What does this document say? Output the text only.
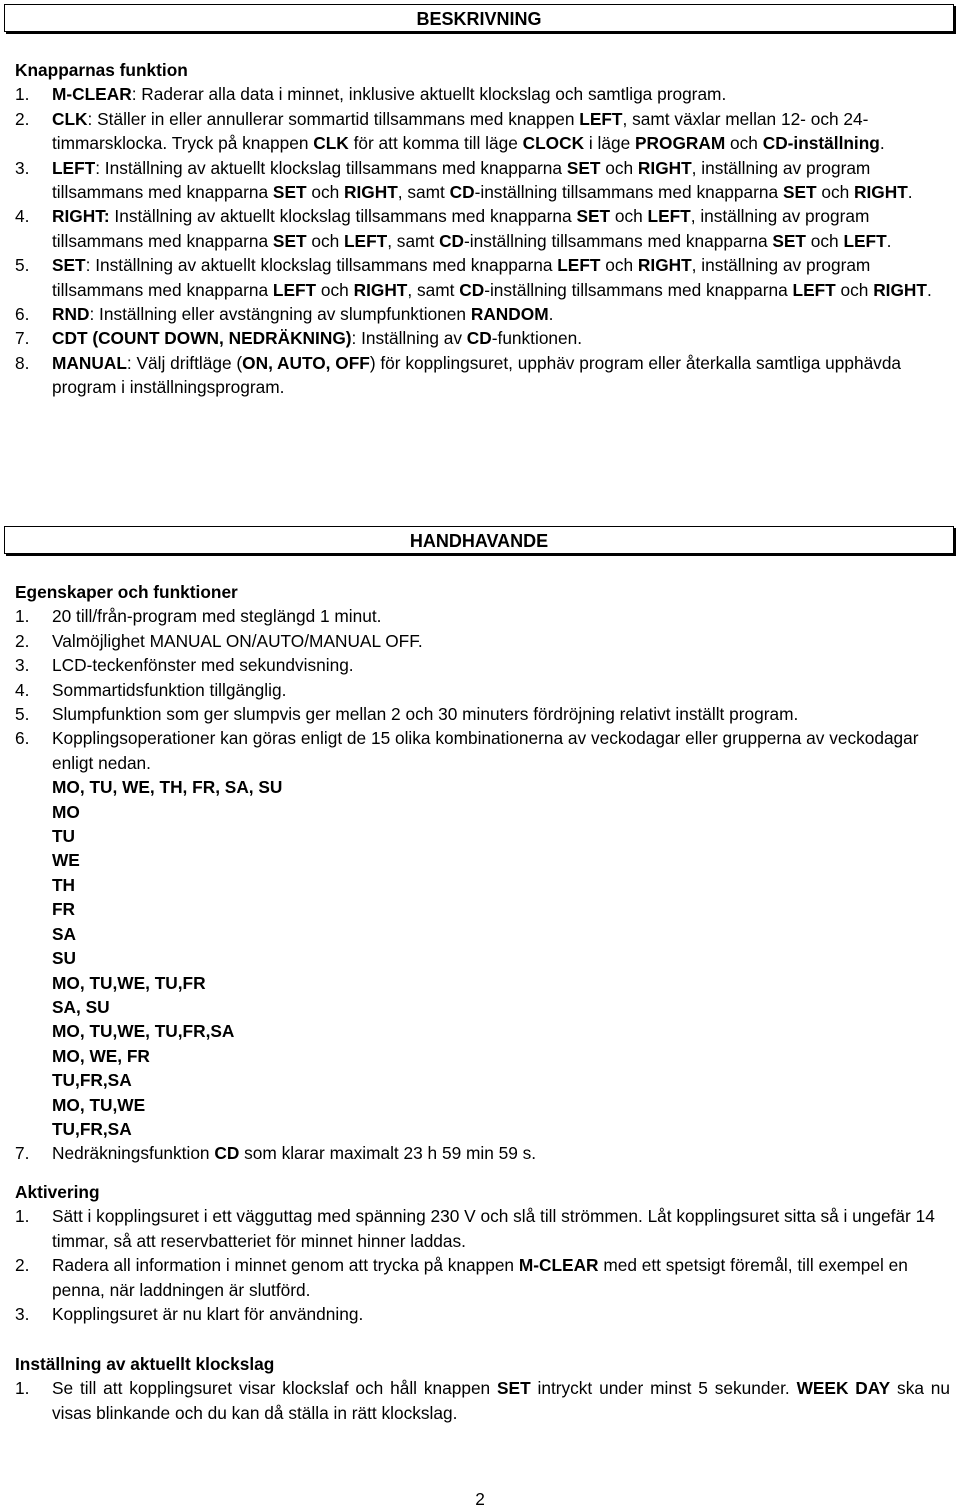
BESKRIVNING
Knapparnas funktion
1. M-CLEAR: Raderar alla data i minnet, inklusive aktuellt klockslag och samtliga program.
2. CLK: Ställer in eller annullerar sommartid tillsammans med knappen LEFT, samt växlar mellan 12- och 24-timmarsklocka. Tryck på knappen CLK för att komma till läge CLOCK i läge PROGRAM och CD-inställning.
3. LEFT: Inställning av aktuellt klockslag tillsammans med knapparna SET och RIGHT, inställning av program tillsammans med knapparna SET och RIGHT, samt CD-inställning tillsammans med knapparna SET och RIGHT.
4. RIGHT: Inställning av aktuellt klockslag tillsammans med knapparna SET och LEFT, inställning av program tillsammans med knapparna SET och LEFT, samt CD-inställning tillsammans med knapparna SET och LEFT.
5. SET: Inställning av aktuellt klockslag tillsammans med knapparna LEFT och RIGHT, inställning av program tillsammans med knapparna LEFT och RIGHT, samt CD-inställning tillsammans med knapparna LEFT och RIGHT.
6. RND: Inställning eller avstängning av slumpfunktionen RANDOM.
7. CDT (COUNT DOWN, NEDRÄKNING): Inställning av CD-funktionen.
8. MANUAL: Välj driftläge (ON, AUTO, OFF) för kopplingsuret, upphäv program eller återkalla samtliga upphävda program i inställningsprogram.
HANDHAVANDE
Egenskaper och funktioner
1. 20 till/från-program med steglängd 1 minut.
2. Valmöjlighet MANUAL ON/AUTO/MANUAL OFF.
3. LCD-teckenfönster med sekundvisning.
4. Sommartidsfunktion tillgänglig.
5. Slumpfunktion som ger slumpvis ger mellan 2 och 30 minuters fördröjning relativt inställt program.
6. Kopplingsoperationer kan göras enligt de 15 olika kombinationerna av veckodagar eller grupperna av veckodagar enligt nedan.
MO, TU, WE, TH, FR, SA, SU
MO
TU
WE
TH
FR
SA
SU
MO, TU,WE, TU,FR
SA, SU
MO, TU,WE, TU,FR,SA
MO, WE, FR
TU,FR,SA
MO, TU,WE
TU,FR,SA
7. Nedräkningsfunktion CD som klarar maximalt 23 h 59 min 59 s.
Aktivering
1. Sätt i kopplingsuret i ett vägguttag med spänning 230 V och slå till strömmen. Låt kopplingsuret sitta så i ungefär 14 timmar, så att reservbatteriet för minnet hinner laddas.
2. Radera all information i minnet genom att trycka på knappen M-CLEAR med ett spetsigt föremål, till exempel en penna, när laddningen är slutförd.
3. Kopplingsuret är nu klart för användning.
Inställning av aktuellt klockslag
1. Se till att kopplingsuret visar klockslaf och håll knappen SET intryckt under minst 5 sekunder. WEEK DAY ska nu visas blinkande och du kan då ställa in rätt klockslag.
2
